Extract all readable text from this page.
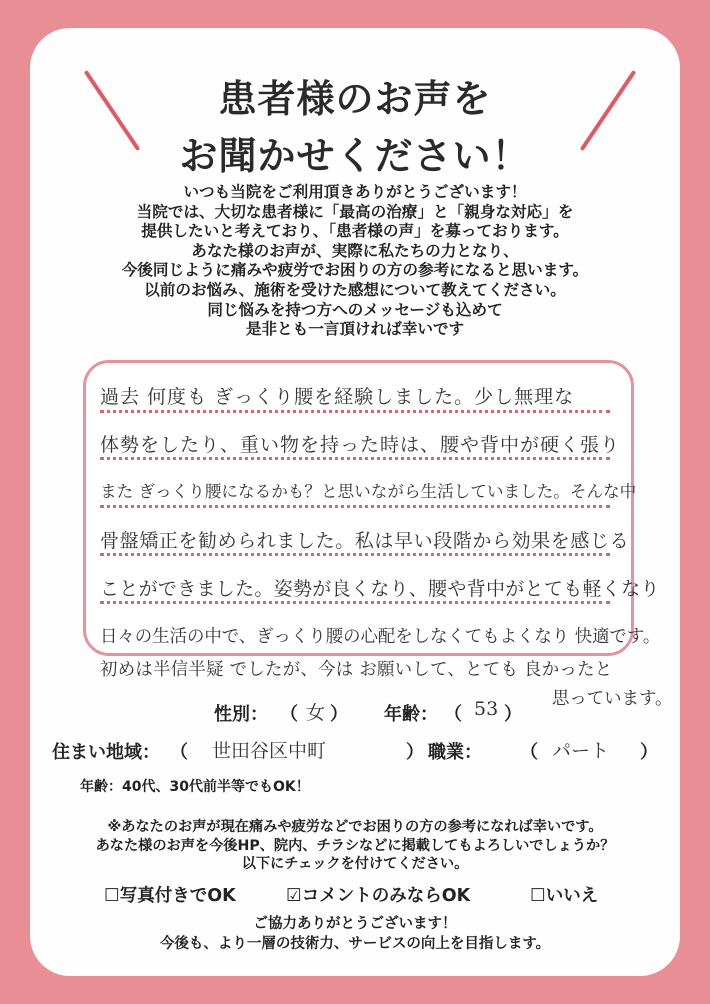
患者様のお声を
お聞かせください！
いつも当院をご利用頂きありがとうございます！
当院では、大切な患者様に「最高の治療」と「親身な対応」を
提供したいと考えており、「患者様の声」を募っております。
あなた様のお声が、実際に私たちの力となり、
今後同じように痛みや疲労でお困りの方の参考になると思います。
以前のお悩み、施術を受けた感想について教えてください。
同じ悩みを持つ方へのメッセージも込めて
是非とも一言頂ければ幸いです
過去 何度も ぎっくり腰を経験しました。少し無理な
体勢をしたり、重い物を持った時は、腰や背中が硬く張り
また ぎっくり腰になるかも？と思いながら生活していました。そんな中
骨盤矯正を勧められました。私は早い段階から効果を感じる
ことができました。姿勢が良くなり、腰や背中がとても軽くなり
日々の生活の中で、ぎっくり腰の心配をしなくてもよくなり 快適です。
初めは半信半疑 でしたが、今は お願いして、とても 良かったと
思っています。
性別： （ 女 ） 年齢： （ 53 ）
住まい地域： （ 世田谷区中町	） 職業： （ パート ）
年齢：40代、30代前半等でもOK！
※あなたのお声が現在痛みや疲労などでお困りの方の参考になれば幸いです。
あなた様のお声を今後HP、院内、チラシなどに掲載してもよろしいでしょうか？
以下にチェックを付けてください。
☐写真付きでOK	☑コメントのみならOK	☐いいえ
ご協力ありがとうございます！
今後も、より一層の技術力、サービスの向上を目指します。
